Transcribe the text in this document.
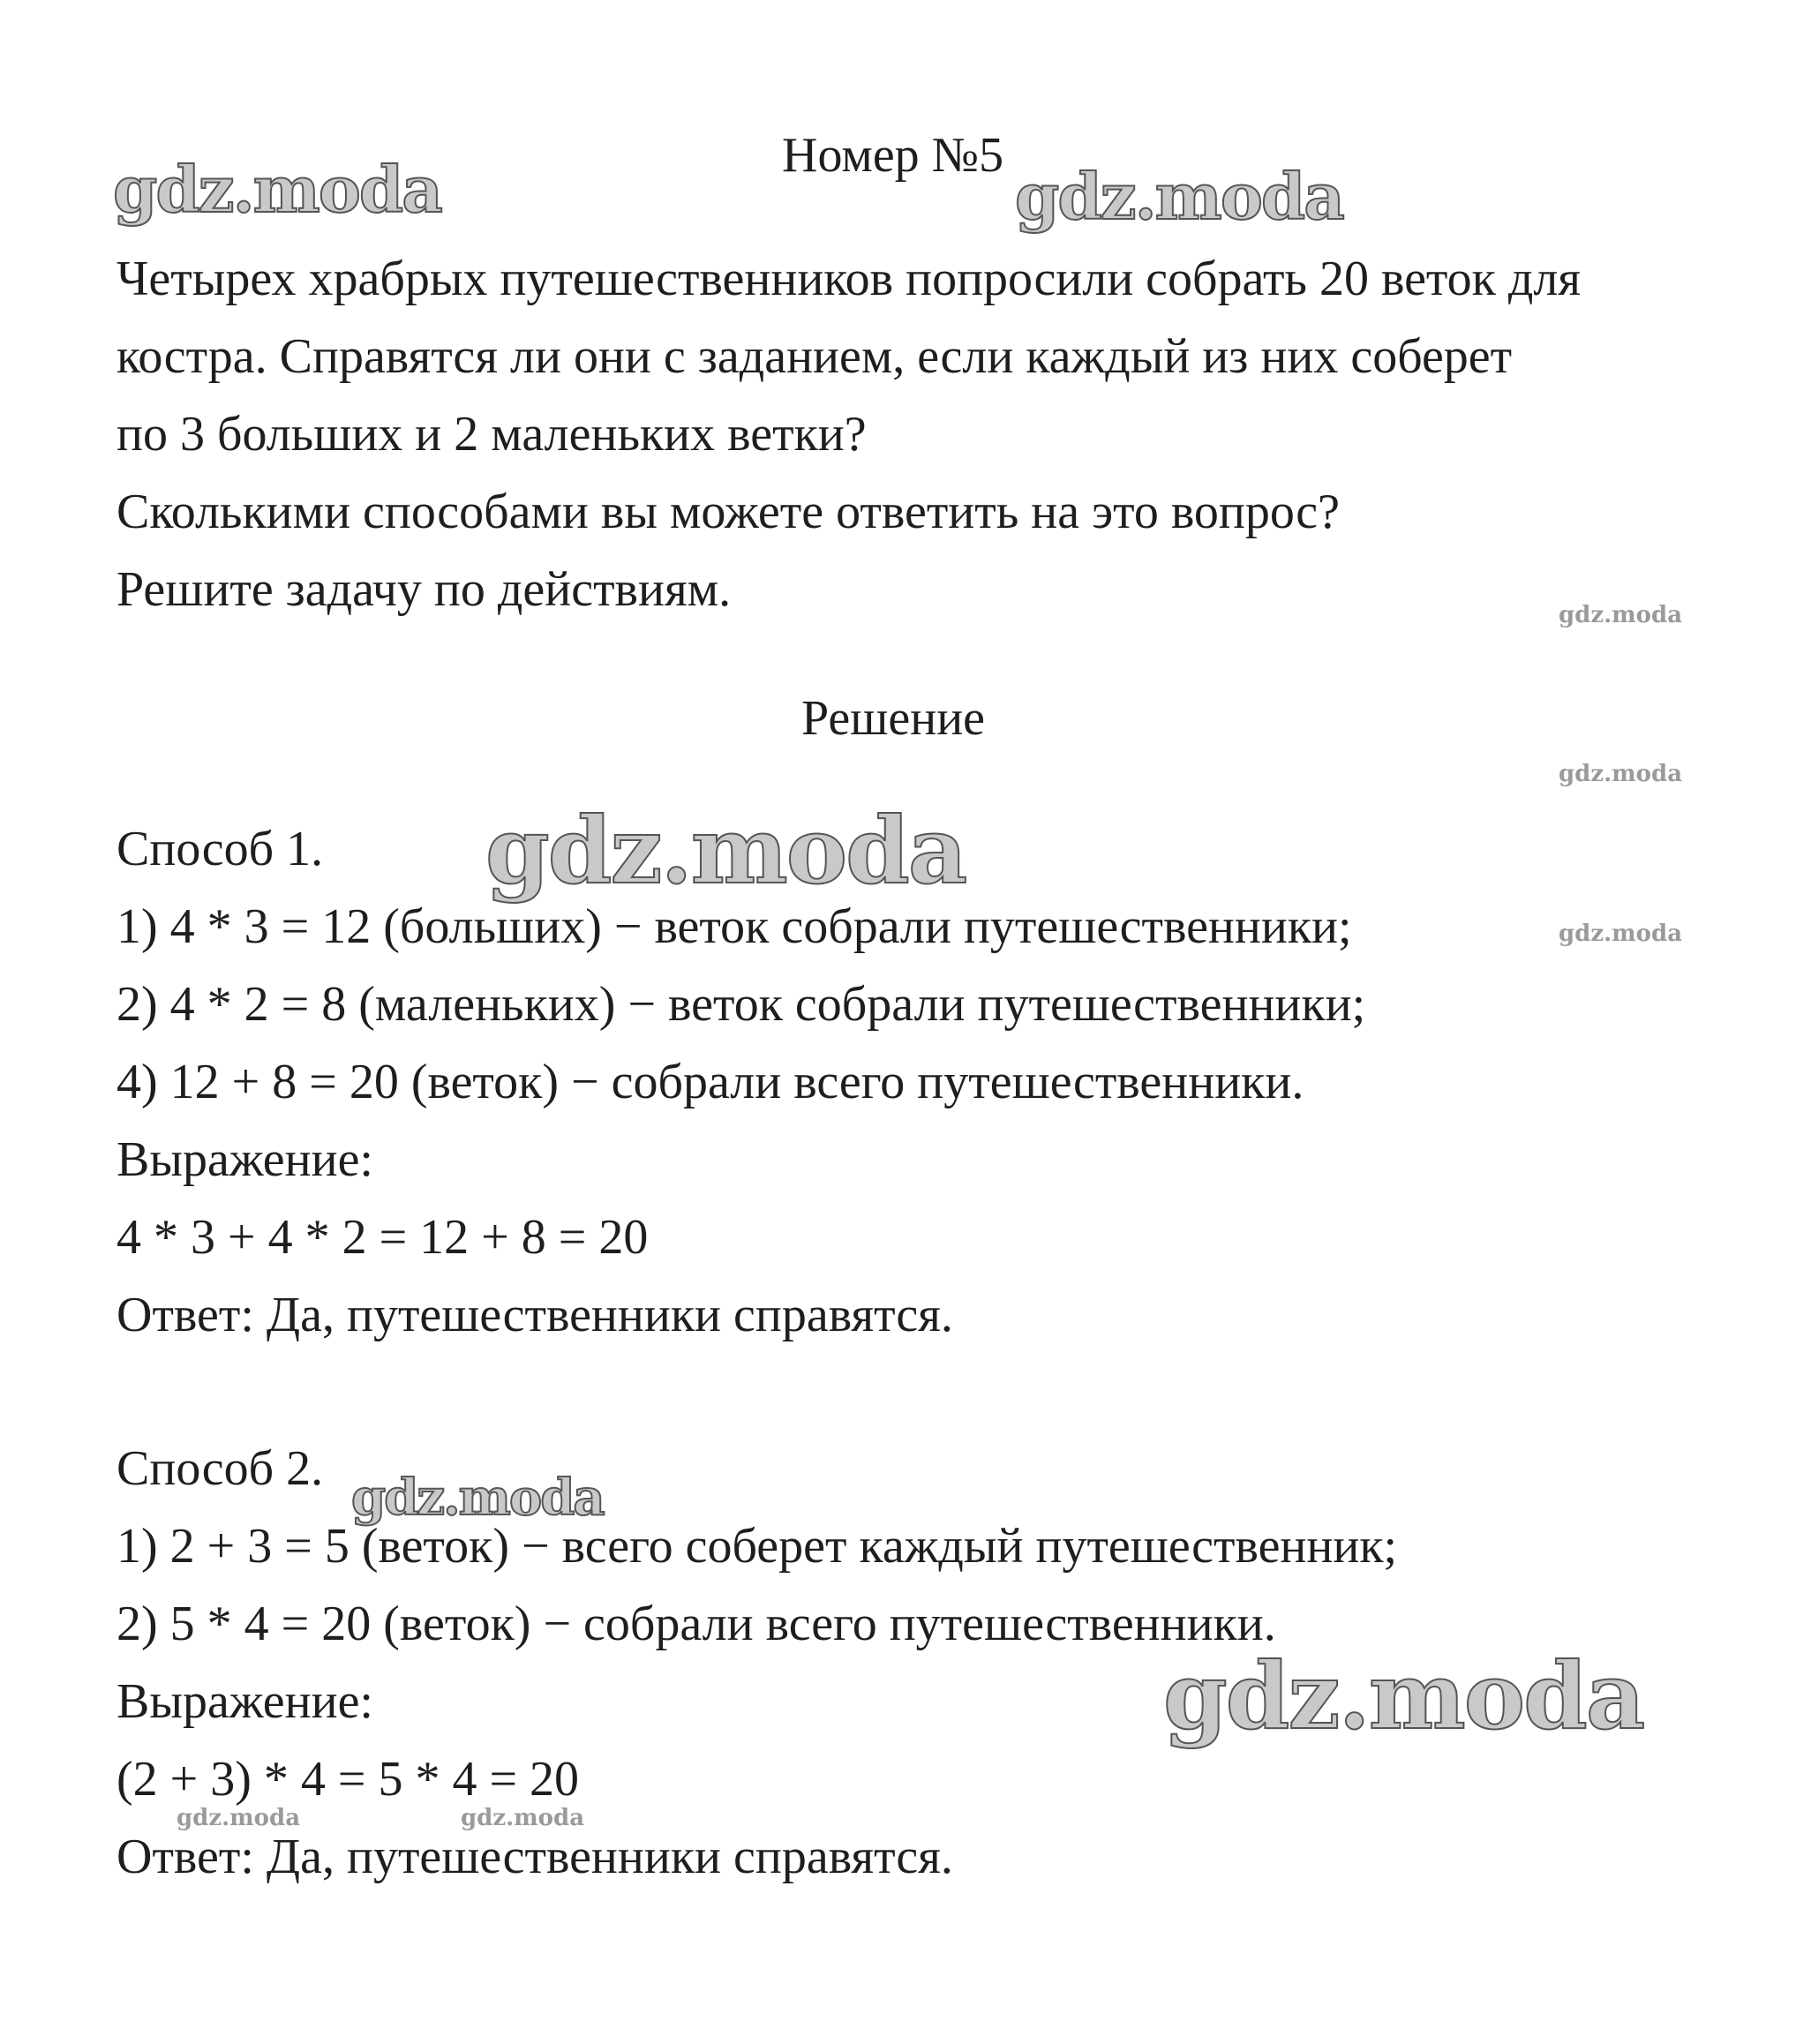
gdz.moda	gdz.moda
gdz.moda
gdz.moda
gdz.moda
gdz.moda
gdz.moda
gdz.moda
gdz.moda	gdz.moda
Номер №5
Четырех храбрых путешественников попросили собрать 20 веток для
костра. Справятся ли они с заданием, если каждый из них соберет
по 3 больших и 2 маленьких ветки?
Сколькими способами вы можете ответить на это вопрос?
Решите задачу по действиям.
Решение
Способ 1.
1) 4 * 3 = 12 (больших) − веток собрали путешественники;
2) 4 * 2 = 8 (маленьких) − веток собрали путешественники;
4) 12 + 8 = 20 (веток) − собрали всего путешественники.
Выражение:
4 * 3 + 4 * 2 = 12 + 8 = 20
Ответ: Да, путешественники справятся.
Способ 2.
1) 2 + 3 = 5 (веток) − всего соберет каждый путешественник;
2) 5 * 4 = 20 (веток) − собрали всего путешественники.
Выражение:
(2 + 3) * 4 = 5 * 4 = 20
Ответ: Да, путешественники справятся.
